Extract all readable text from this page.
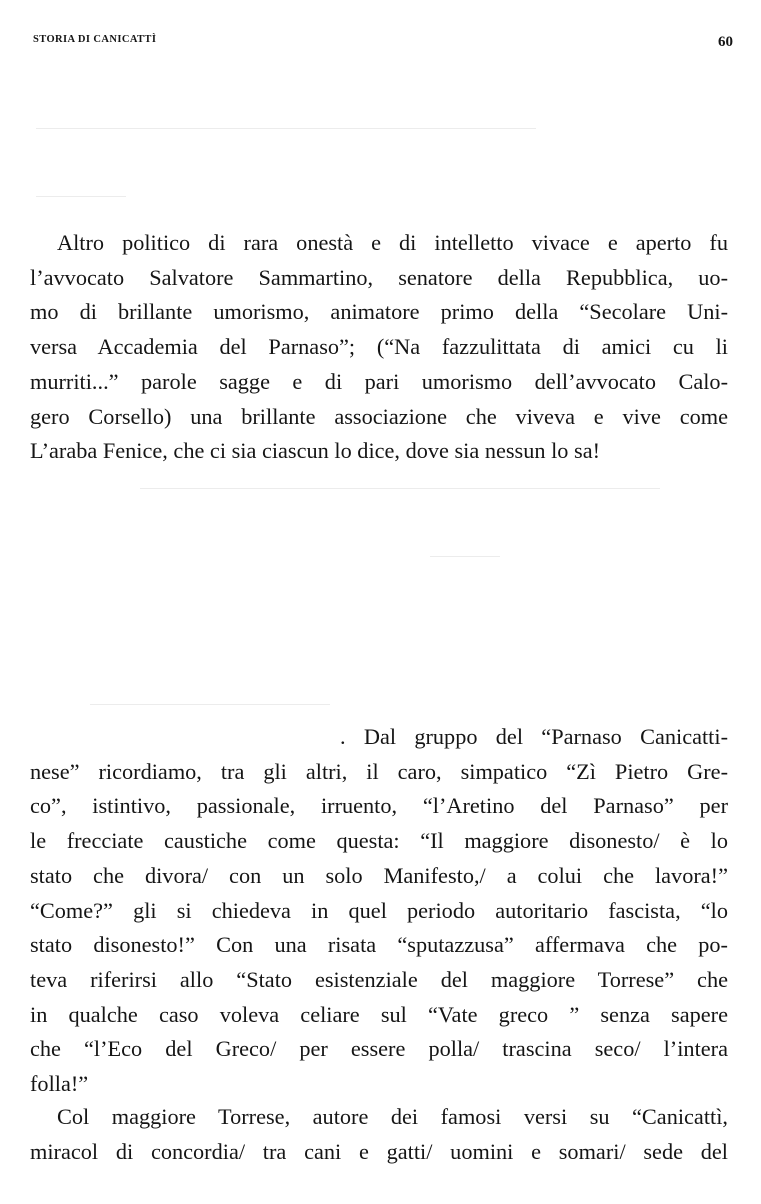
STORIA DI CANICATTÌ	60
Altro politico di rara onestà e di intelletto vivace e aperto fu
l’avvocato Salvatore Sammartino, senatore della Repubblica, uo-
mo di brillante umorismo, animatore primo della “Secolare Uni-
versa Accademia del Parnaso”; (“Na fazzulittata di amici cu li
murriti...” parole sagge e di pari umorismo dell’avvocato Calo-
gero Corsello) una brillante associazione che viveva e vive come
L’araba Fenice, che ci sia ciascun lo dice, dove sia nessun lo sa!
. Dal gruppo del “Parnaso Canicatti-
nese” ricordiamo, tra gli altri, il caro, simpatico “Zì Pietro Gre-
co”, istintivo, passionale, irruento, “l’Aretino del Parnaso” per
le frecciate caustiche come questa: “Il maggiore disonesto/ è lo
stato che divora/ con un solo Manifesto,/ a colui che lavora!”
“Come?” gli si chiedeva in quel periodo autoritario fascista, “lo
stato disonesto!” Con una risata “sputazzusa” affermava che po-
teva riferirsi allo “Stato esistenziale del maggiore Torrese” che
in qualche caso voleva celiare sul “Vate greco ” senza sapere
che “l’Eco del Greco/ per essere polla/ trascina seco/ l’intera
folla!”
Col maggiore Torrese, autore dei famosi versi su “Canicattì,
miracol di concordia/ tra cani e gatti/ uomini e somari/ sede del
